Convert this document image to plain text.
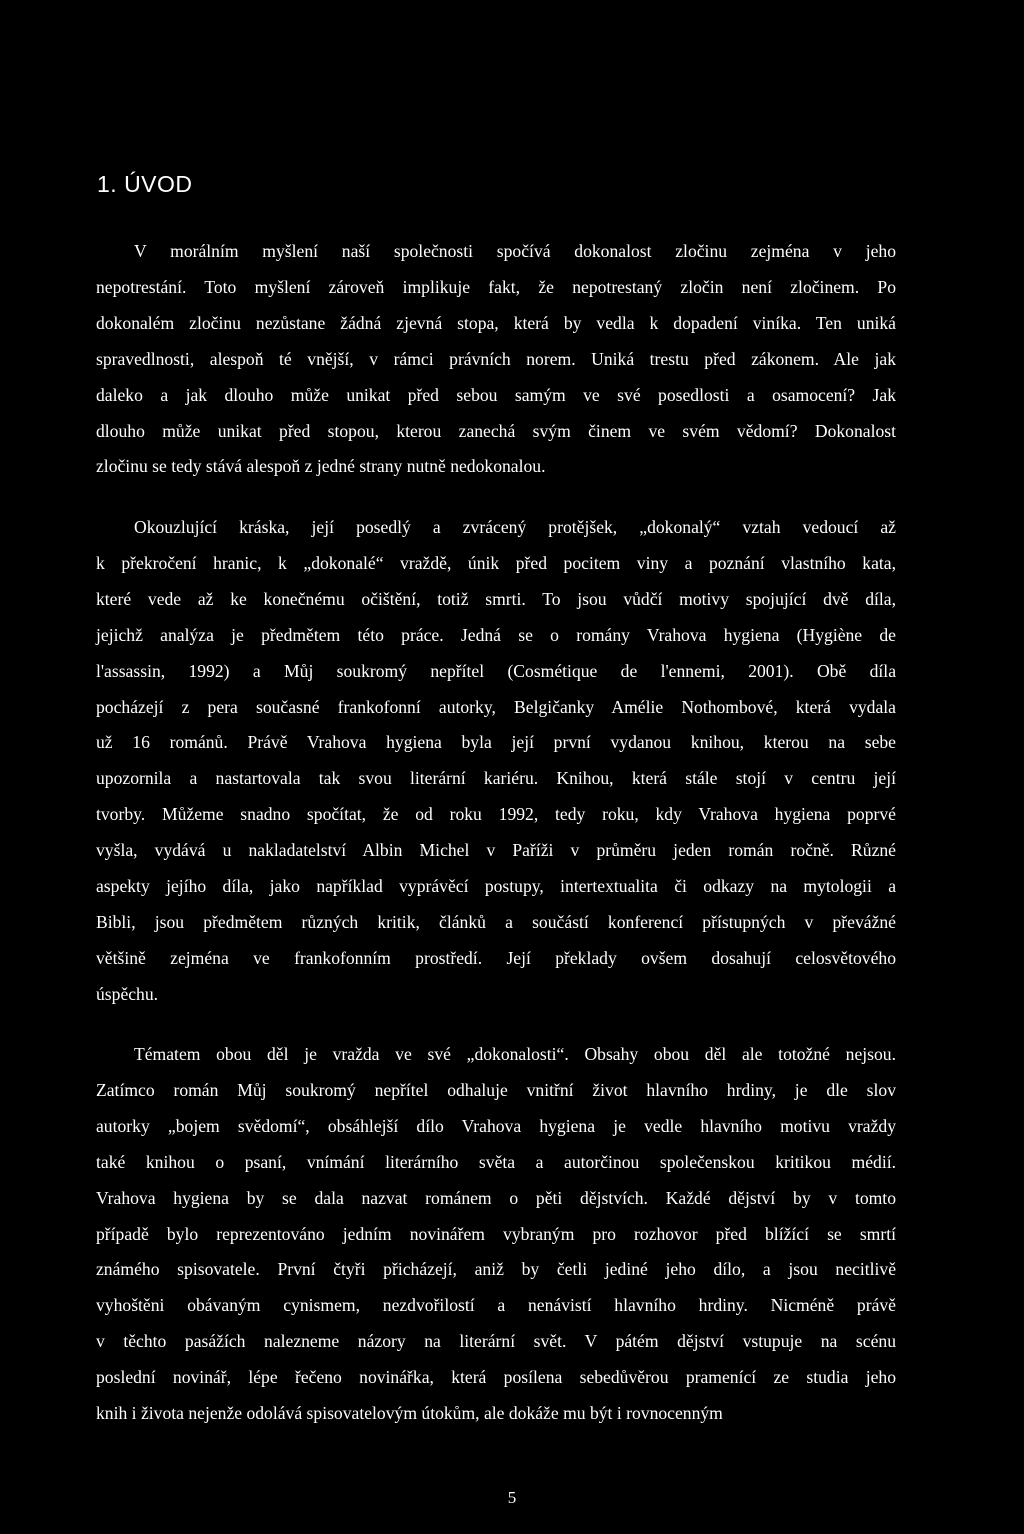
1. ÚVOD
V morálním myšlení naší společnosti spočívá dokonalost zločinu zejména v jeho
nepotrestání. Toto myšlení zároveň implikuje fakt, že nepotrestaný zločin není zločinem. Po
dokonalém zločinu nezůstane žádná zjevná stopa, která by vedla k dopadení viníka. Ten uniká
spravedlnosti, alespoň té vnější, v rámci právních norem. Uniká trestu před zákonem. Ale jak
daleko a jak dlouho může unikat před sebou samým ve své posedlosti a osamocení? Jak
dlouho může unikat před stopou, kterou zanechá svým činem ve svém vědomí? Dokonalost
zločinu se tedy stává alespoň z jedné strany nutně nedokonalou.
Okouzlující kráska, její posedlý a zvrácený protějšek, „dokonalý“ vztah vedoucí až
k překročení hranic, k „dokonalé“ vraždě, únik před pocitem viny a poznání vlastního kata,
které vede až ke konečnému očištění, totiž smrti. To jsou vůdčí motivy spojující dvě díla,
jejichž analýza je předmětem této práce. Jedná se o romány Vrahova hygiena (Hygiène de
l'assassin, 1992) a Můj soukromý nepřítel (Cosmétique de l'ennemi, 2001). Obě díla
pocházejí z pera současné frankofonní autorky, Belgičanky Amélie Nothombové, která vydala
už 16 románů. Právě Vrahova hygiena byla její první vydanou knihou, kterou na sebe
upozornila a nastartovala tak svou literární kariéru. Knihou, která stále stojí v centru její
tvorby. Můžeme snadno spočítat, že od roku 1992, tedy roku, kdy Vrahova hygiena poprvé
vyšla, vydává u nakladatelství Albin Michel v Paříži v průměru jeden román ročně. Různé
aspekty jejího díla, jako například vyprávěcí postupy, intertextualita či odkazy na mytologii a
Bibli, jsou předmětem různých kritik, článků a součástí konferencí přístupných v převážné
většině zejména ve frankofonním prostředí. Její překlady ovšem dosahují celosvětového
úspěchu.
Tématem obou děl je vražda ve své „dokonalosti“. Obsahy obou děl ale totožné nejsou.
Zatímco román Můj soukromý nepřítel odhaluje vnitřní život hlavního hrdiny, je dle slov
autorky „bojem svědomí“, obsáhlejší dílo Vrahova hygiena je vedle hlavního motivu vraždy
také knihou o psaní, vnímání literárního světa a autorčinou společenskou kritikou médií.
Vrahova hygiena by se dala nazvat románem o pěti dějstvích. Každé dějství by v tomto
případě bylo reprezentováno jedním novinářem vybraným pro rozhovor před blížící se smrtí
známého spisovatele. První čtyři přicházejí, aniž by četli jediné jeho dílo, a jsou necitlivě
vyhoštěni obávaným cynismem, nezdvořilostí a nenávistí hlavního hrdiny. Nicméně právě
v těchto pasážích nalezneme názory na literární svět. V pátém dějství vstupuje na scénu
poslední novinář, lépe řečeno novinářka, která posílena sebedůvěrou pramenící ze studia jeho
knih i života nejenže odolává spisovatelovým útokům, ale dokáže mu být i rovnocenným
5
